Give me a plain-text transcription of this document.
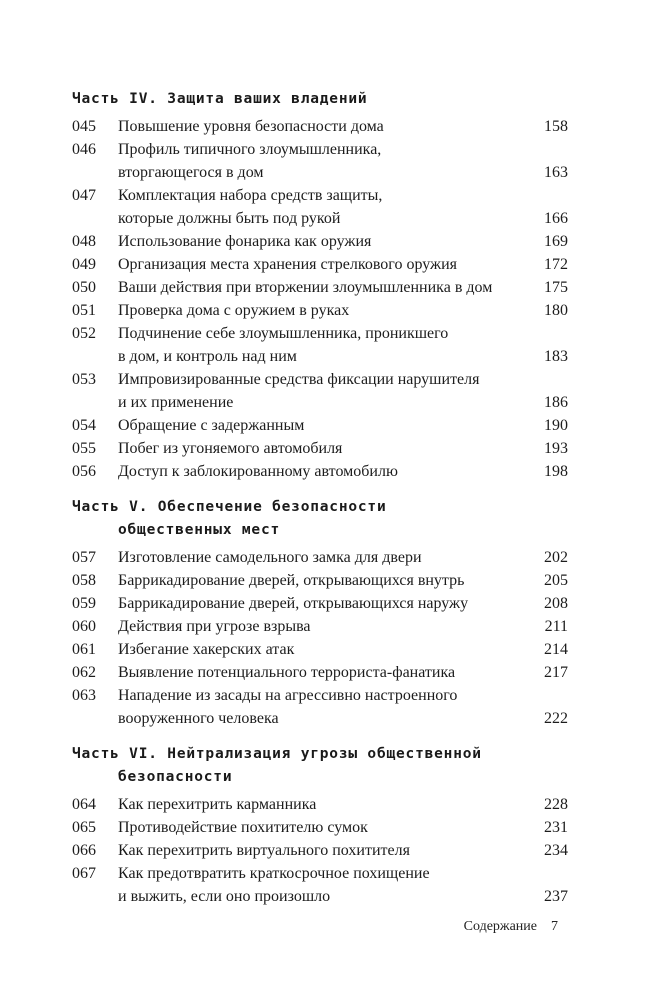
Часть IV. Защита ваших владений
045	Повышение уровня безопасности дома	158
046	Профиль типичного злоумышленника,
вторгающегося в дом	163
047	Комплектация набора средств защиты,
которые должны быть под рукой	166
048	Использование фонарика как оружия	169
049	Организация места хранения стрелкового оружия	172
050	Ваши действия при вторжении злоумышленника в дом	175
051	Проверка дома с оружием в руках	180
052	Подчинение себе злоумышленника, проникшего
в дом, и контроль над ним	183
053	Импровизированные средства фиксации нарушителя
и их применение	186
054	Обращение с задержанным	190
055	Побег из угоняемого автомобиля	193
056	Доступ к заблокированному автомобилю	198
Часть V. Обеспечение безопасности
общественных мест
057	Изготовление самодельного замка для двери	202
058	Баррикадирование дверей, открывающихся внутрь	205
059	Баррикадирование дверей, открывающихся наружу	208
060	Действия при угрозе взрыва	211
061	Избегание хакерских атак	214
062	Выявление потенциального террориста-фанатика	217
063	Нападение из засады на агрессивно настроенного
вооруженного человека	222
Часть VI. Нейтрализация угрозы общественной
безопасности
064	Как перехитрить карманника	228
065	Противодействие похитителю сумок	231
066	Как перехитрить виртуального похитителя	234
067	Как предотвратить краткосрочное похищение
и выжить, если оно произошло	237
Содержание 7
